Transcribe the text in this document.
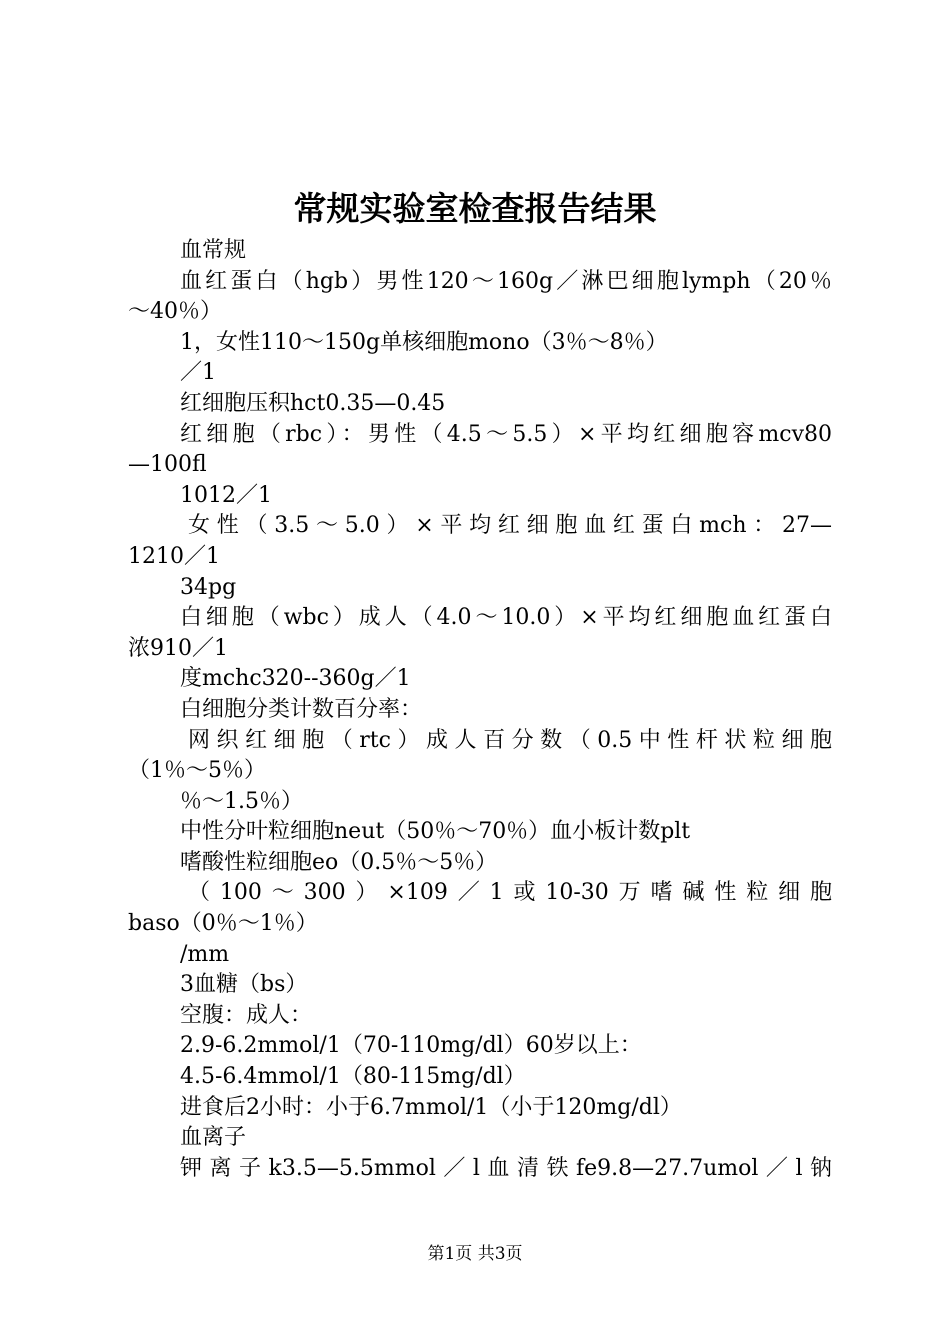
常规实验室检查报告结果
血常规
血红蛋白（hgb）男性120～160g／淋巴细胞lymph（20％
～40％）
1，女性110～150g单核细胞mono（3％～8％）
／1
红细胞压积hct0.35—0.45
红细胞（rbc）：男性（4.5～5.5）×平均红细胞容mcv80
—100fl
1012／1
女性（3.5～5.0）×平均红细胞血红蛋白mch：27—
1210／1
34pg
白细胞（wbc）成人（4.0～10.0）×平均红细胞血红蛋白
浓910／1
度mchc320--360g／1
白细胞分类计数百分率：
网织红细胞（rtc）成人百分数（0.5中性杆状粒细胞
（1％～5％）
％～1.5％）
中性分叶粒细胞neut（50％～70％）血小板计数plt
嗜酸性粒细胞eo（0.5％～5％）
（100～300）×109／1或10-30万嗜碱性粒细胞
baso（0％～1％）
/mm
3血糖（bs）
空腹：成人：
2.9-6.2mmol/1（70-110mg/dl）60岁以上：
4.5-6.4mmol/1（80-115mg/dl）
进食后2小时：小于6.7mmol/1（小于120mg/dl）
血离子
钾离子k3.5—5.5mmol／l血清铁fe9.8—27.7umol／l钠
第1页 共3页
